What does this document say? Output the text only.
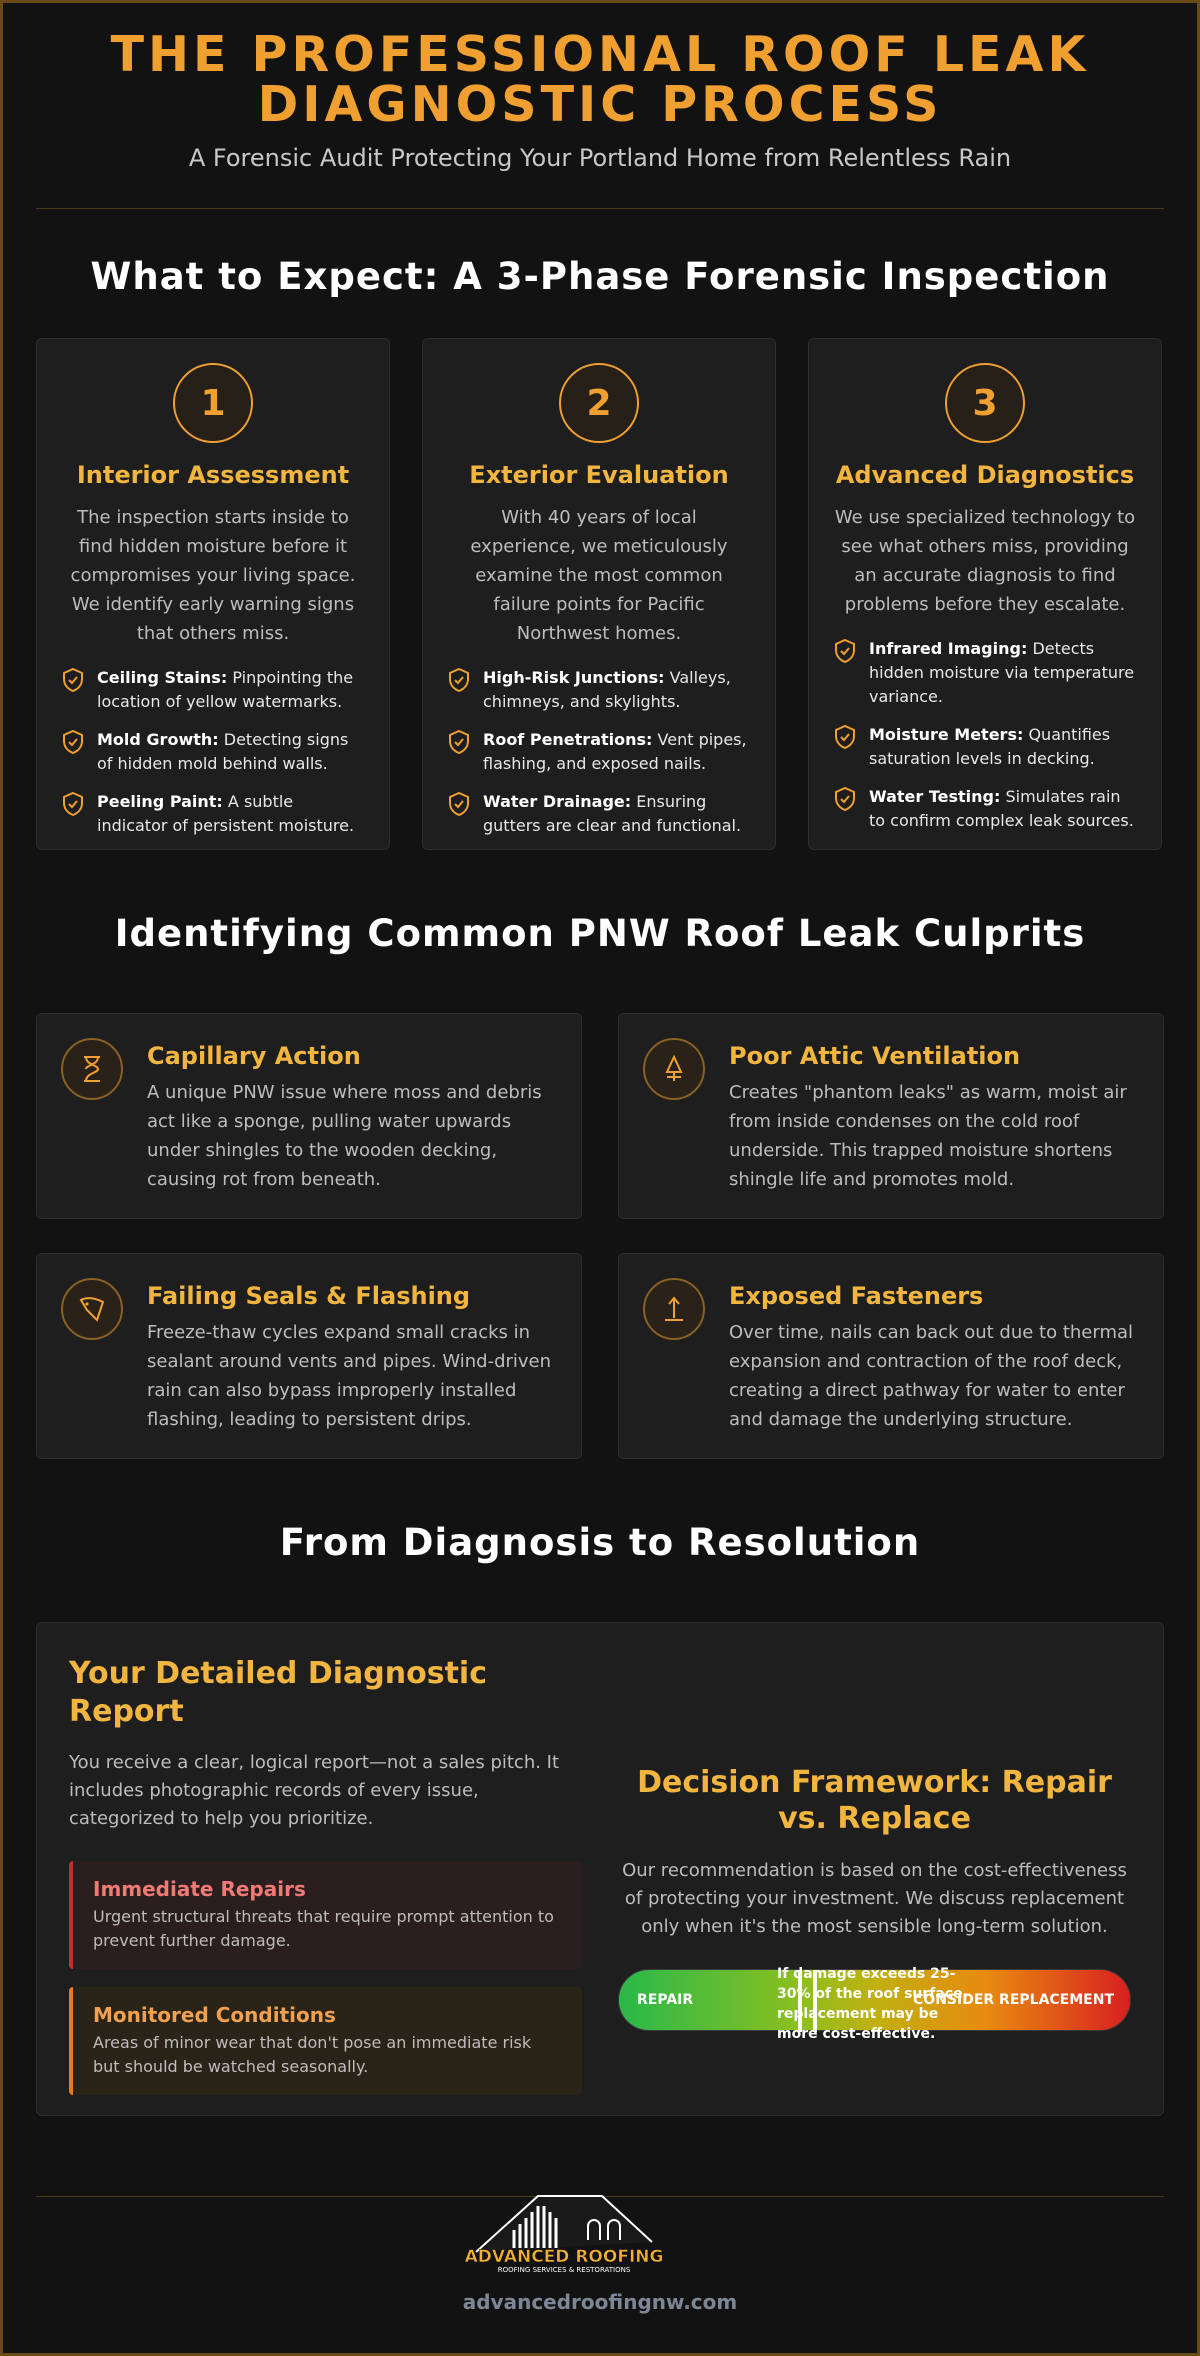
THE PROFESSIONAL ROOF LEAK
DIAGNOSTIC PROCESS
A Forensic Audit Protecting Your Portland Home from Relentless Rain
What to Expect: A 3-Phase Forensic Inspection
1
Interior Assessment

The inspection starts inside to find hidden moisture before it compromises your living space. We identify early warning signs that others miss.

Ceiling Stains: Pinpointing the location of yellow watermarks.
Mold Growth: Detecting signs of hidden mold behind walls.
Peeling Paint: A subtle indicator of persistent moisture.
2
Exterior Evaluation

With 40 years of local experience, we meticulously examine the most common failure points for Pacific Northwest homes.

High-Risk Junctions: Valleys, chimneys, and skylights.
Roof Penetrations: Vent pipes, flashing, and exposed nails.
Water Drainage: Ensuring gutters are clear and functional.
3
Advanced Diagnostics

We use specialized technology to see what others miss, providing an accurate diagnosis to find problems before they escalate.

Infrared Imaging: Detects hidden moisture via temperature variance.
Moisture Meters: Quantifies saturation levels in decking.
Water Testing: Simulates rain to confirm complex leak sources.
Identifying Common PNW Roof Leak Culprits
Capillary Action

A unique PNW issue where moss and debris act like a sponge, pulling water upwards under shingles to the wooden decking, causing rot from beneath.

Poor Attic Ventilation

Creates "phantom leaks" as warm, moist air from inside condenses on the cold roof underside. This trapped moisture shortens shingle life and promotes mold.

Failing Seals & Flashing

Freeze-thaw cycles expand small cracks in sealant around vents and pipes. Wind-driven rain can also bypass improperly installed flashing, leading to persistent drips.

Exposed Fasteners

Over time, nails can back out due to thermal expansion and contraction of the roof deck, creating a direct pathway for water to enter and damage the underlying structure.

From Diagnosis to Resolution
Your Detailed Diagnostic Report

You receive a clear, logical report—not a sales pitch. It includes photographic records of every issue, categorized to help you prioritize.

Immediate Repairs

Urgent structural threats that require prompt attention to prevent further damage.

Monitored Conditions

Areas of minor wear that don't pose an immediate risk but should be watched seasonally.

Decision Framework: Repair vs. Replace

Our recommendation is based on the cost-effectiveness of protecting your investment. We discuss replacement only when it's the most sensible long-term solution.

REPAIR
If damage exceeds 25-30% of the roof surface, replacement may be more cost-effective.
CONSIDER REPLACEMENT
ADVANCED ROOFING
ROOFING SERVICES & RESTORATIONS
advancedroofingnw.com
